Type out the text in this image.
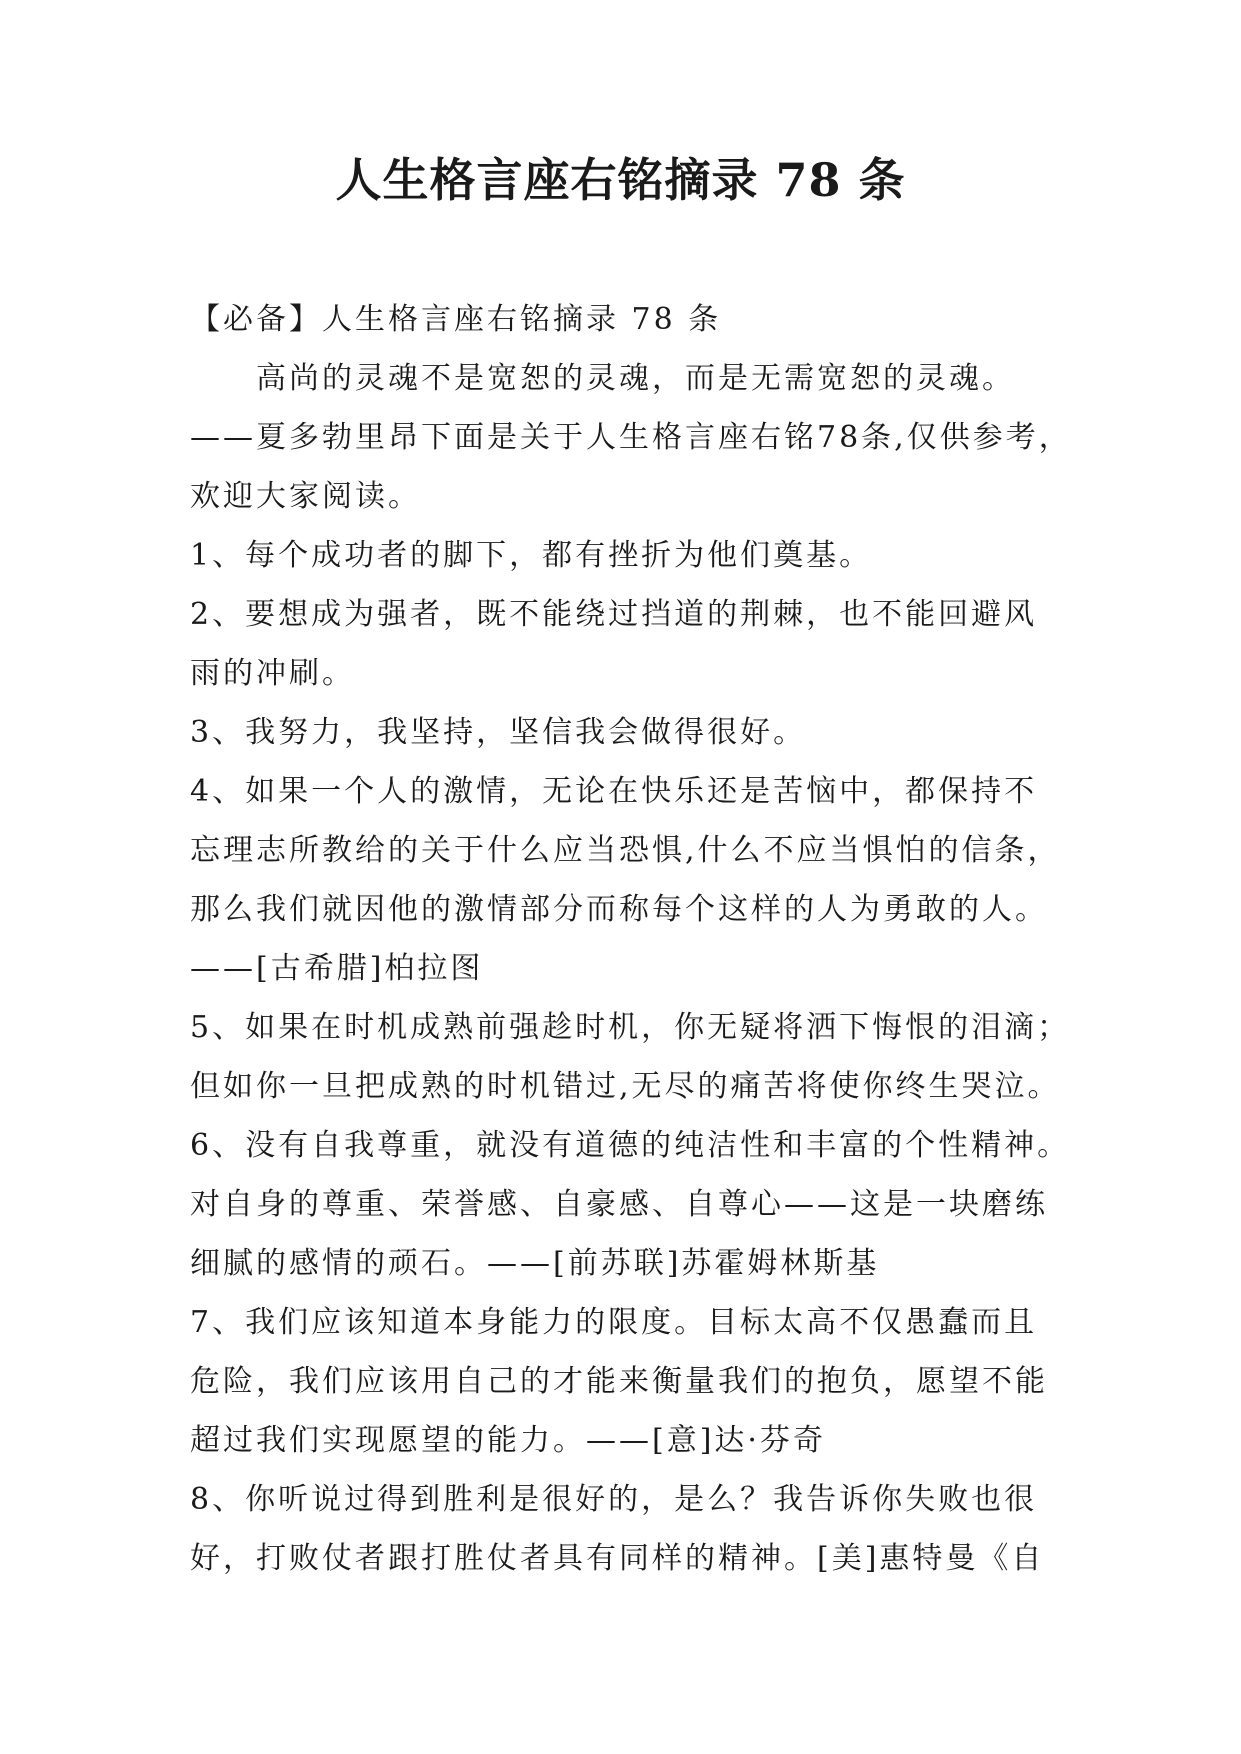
人生格言座右铭摘录 78 条
【必备】人生格言座右铭摘录 78 条
　　高尚的灵魂不是宽恕的灵魂，而是无需宽恕的灵魂。
——夏多勃里昂下面是关于人生格言座右铭78条,仅供参考，
欢迎大家阅读。
1、每个成功者的脚下，都有挫折为他们奠基。
2、要想成为强者，既不能绕过挡道的荆棘，也不能回避风
雨的冲刷。
3、我努力，我坚持，坚信我会做得很好。
4、如果一个人的激情，无论在快乐还是苦恼中，都保持不
忘理志所教给的关于什么应当恐惧,什么不应当惧怕的信条，
那么我们就因他的激情部分而称每个这样的人为勇敢的人。
——[古希腊]柏拉图
5、如果在时机成熟前强趁时机，你无疑将洒下悔恨的泪滴；
但如你一旦把成熟的时机错过,无尽的痛苦将使你终生哭泣。
6、没有自我尊重，就没有道德的纯洁性和丰富的个性精神。
对自身的尊重、荣誉感、自豪感、自尊心——这是一块磨练
细腻的感情的顽石。——[前苏联]苏霍姆林斯基
7、我们应该知道本身能力的限度。目标太高不仅愚蠢而且
危险，我们应该用自己的才能来衡量我们的抱负，愿望不能
超过我们实现愿望的能力。——[意]达·芬奇
8、你听说过得到胜利是很好的，是么？我告诉你失败也很
好，打败仗者跟打胜仗者具有同样的精神。[美]惠特曼《自
